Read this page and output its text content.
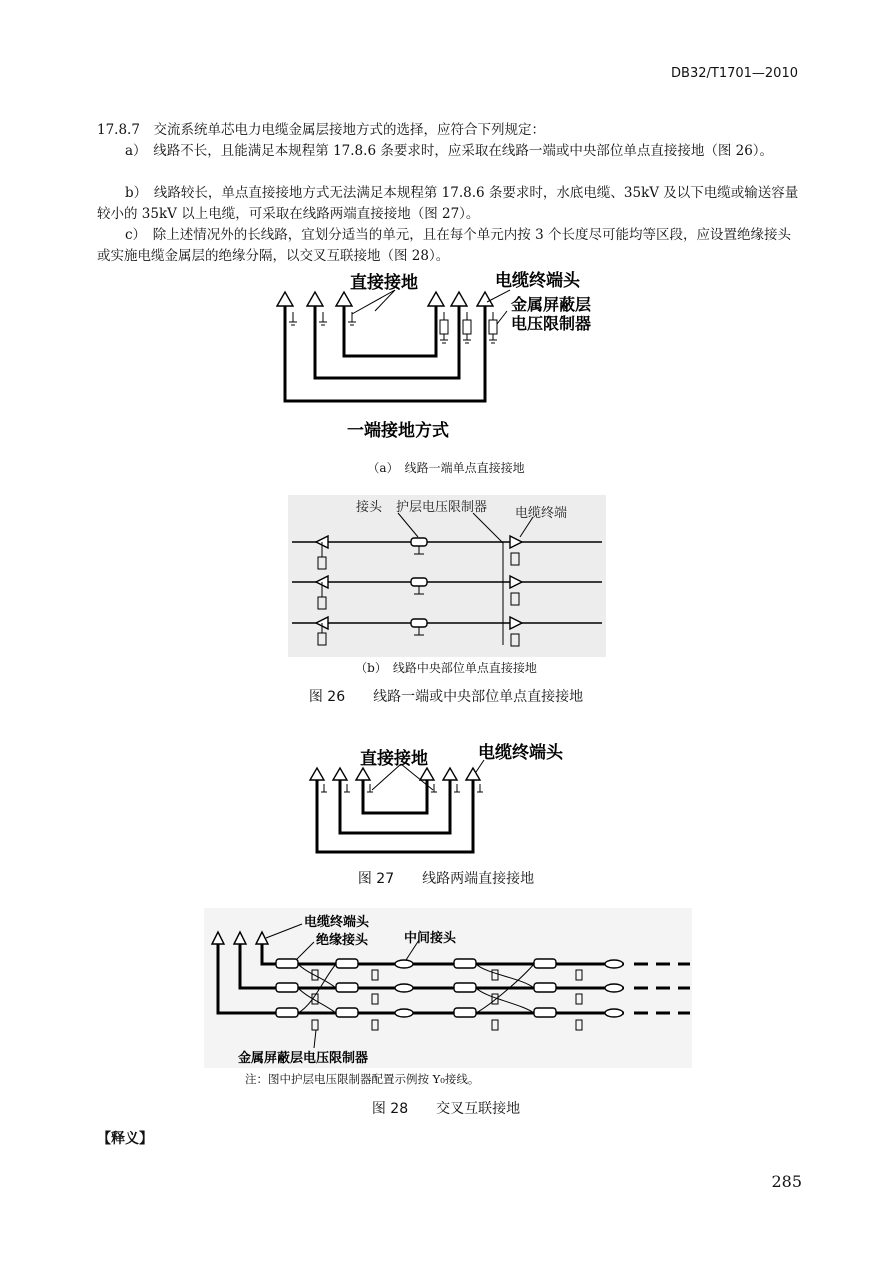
DB32/T1701—2010
17.8.7　交流系统单芯电力电缆金属层接地方式的选择，应符合下列规定：
a）　线路不长，且能满足本规程第 17.8.6 条要求时，应采取在线路一端或中央部位单点直接接地（图 26）。
b）　线路较长，单点直接接地方式无法满足本规程第 17.8.6 条要求时，水底电缆、35kV 及以下电缆或输送容量较小的 35kV 以上电缆，可采取在线路两端直接接地（图 27）。
c）　除上述情况外的长线路，宜划分适当的单元，且在每个单元内按 3 个长度尽可能均等区段，应设置绝缘接头或实施电缆金属层的绝缘分隔，以交叉互联接地（图 28）。
直接接地	电缆终端头
金属屏蔽层
电压限制器
一端接地方式
（a）　线路一端单点直接接地
接头 护层电压限制器 电缆终端
（b）　线路中央部位单点直接接地
图 26　　线路一端或中央部位单点直接接地
直接接地	电缆终端头
图 27　　线路两端直接接地
电缆终端头
绝缘接头	中间接头
金属屏蔽层电压限制器
注：图中护层电压限制器配置示例按 Y₀接线。
图 28　　交叉互联接地
【释义】
285
